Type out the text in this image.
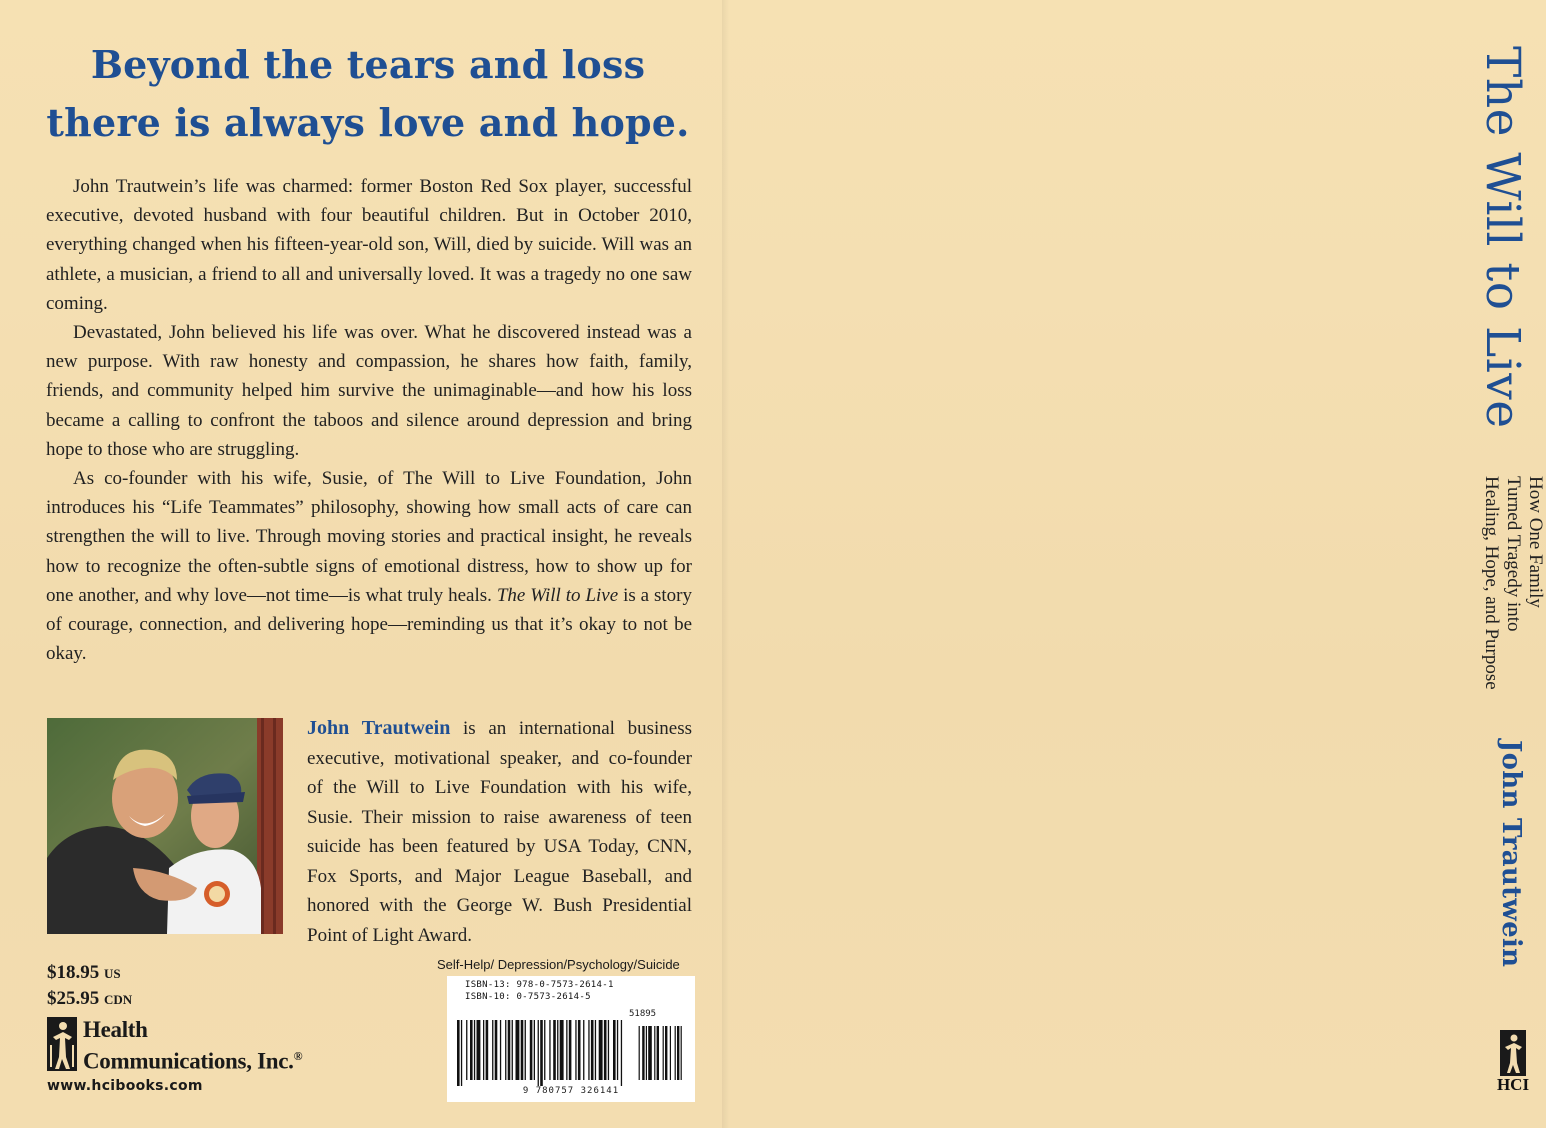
Beyond the tears and loss
there is always love and hope.

John Trautwein’s life was charmed: former Boston Red Sox player, successful executive, devoted husband with four beautiful children. But in October 2010, everything changed when his fifteen-year-old son, Will, died by suicide. Will was an athlete, a musician, a friend to all and universally loved. It was a tragedy no one saw coming.

Devastated, John believed his life was over. What he discovered instead was a new purpose. With raw honesty and compassion, he shares how faith, family, friends, and community helped him survive the unimaginable—and how his loss became a calling to confront the taboos and silence around depression and bring hope to those who are struggling.

As co-founder with his wife, Susie, of The Will to Live Foundation, John introduces his “Life Teammates” philosophy, showing how small acts of care can strengthen the will to live. Through moving stories and practical insight, he reveals how to recognize the often-subtle signs of emotional distress, how to show up for one another, and why love—not time—is what truly heals. The Will to Live is a story of courage, connection, and delivering hope—reminding us that it’s okay to not be okay.

John Trautwein is an international business executive, motivational speaker, and co-founder of the Will to Live Foundation with his wife, Susie. Their mission to raise awareness of teen suicide has been featured by USA Today, CNN, Fox Sports, and Major League Baseball, and honored with the George W. Bush Presidential Point of Light Award.
$18.95 US
$25.95 CDN
Health
Communications, Inc.®
www.hcibooks.com
Self-Help/ Depression/Psychology/Suicide
ISBN-13: 978-0-7573-2614-1
ISBN-10: 0-7573-2614-5
51895
9 780757 326141
The Will to Live
How One Family
Turned Tragedy into
Healing, Hope, and Purpose
John Trautwein
HCI
